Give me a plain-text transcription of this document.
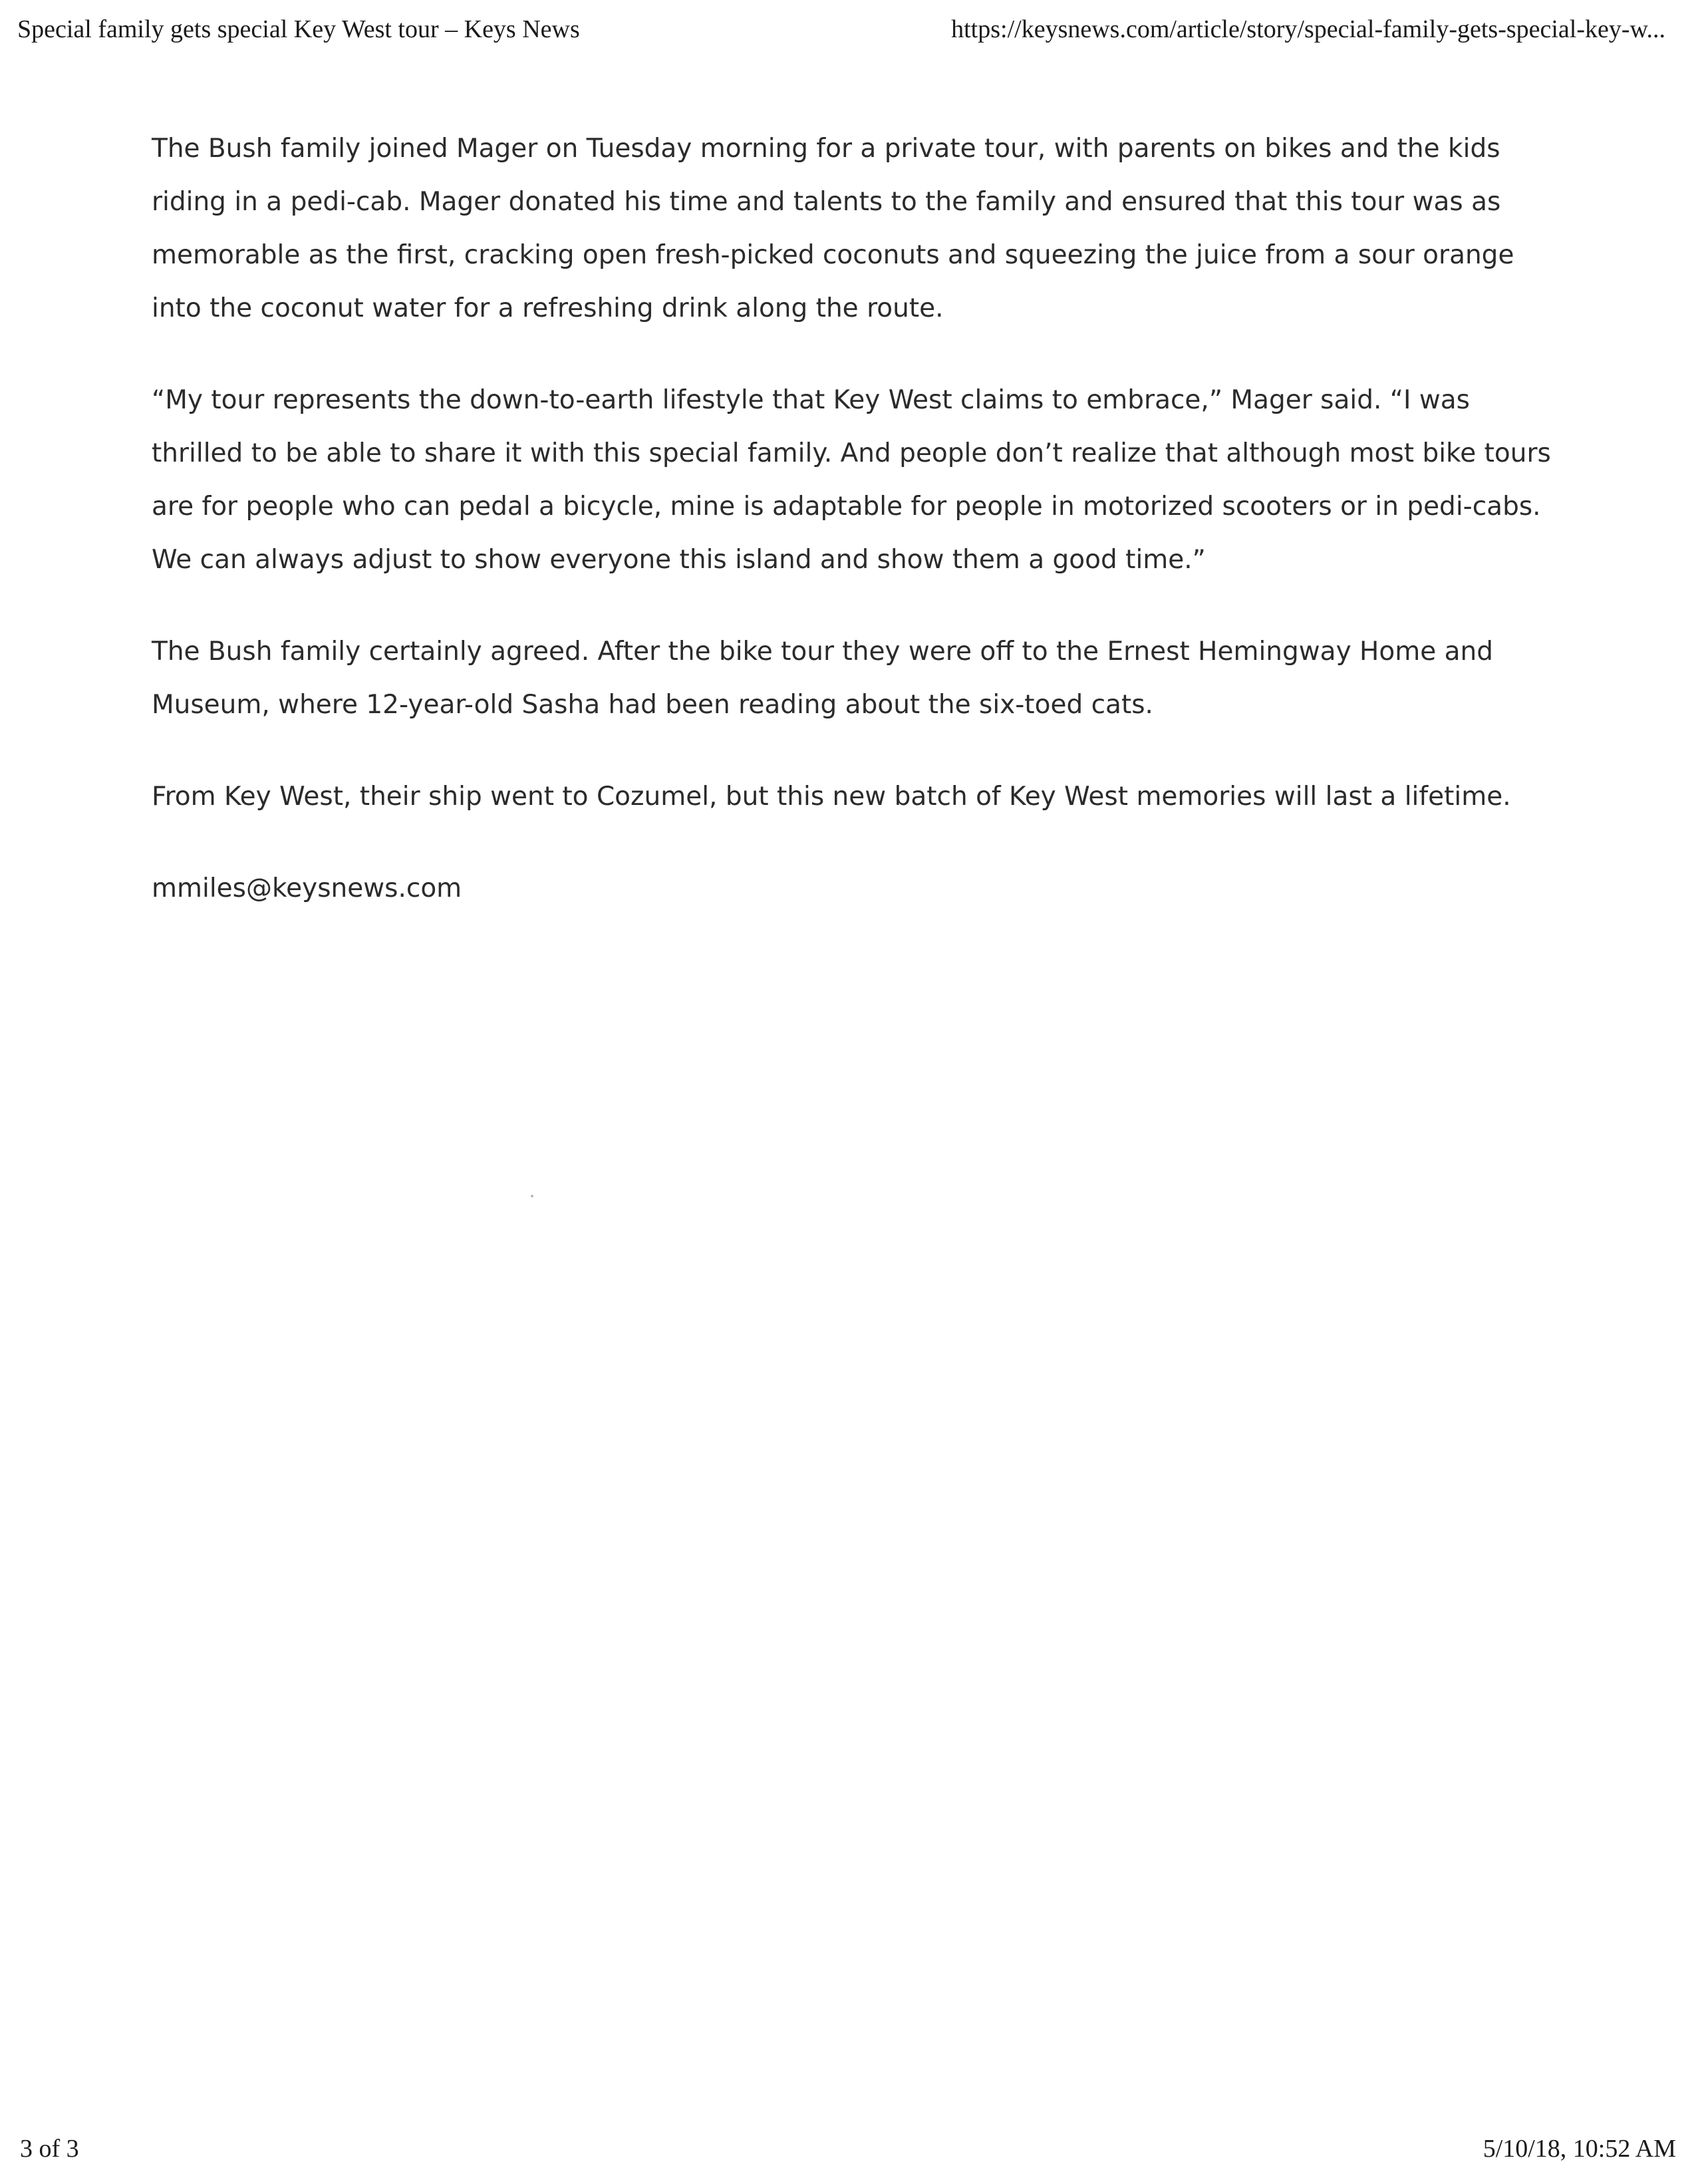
Special family gets special Key West tour – Keys News	https://keysnews.com/article/story/special-family-gets-special-key-w...

The Bush family joined Mager on Tuesday morning for a private tour, with parents on bikes and the kids riding in a pedi-cab. Mager donated his time and talents to the family and ensured that this tour was as memorable as the first, cracking open fresh-picked coconuts and squeezing the juice from a sour orange into the coconut water for a refreshing drink along the route.

“My tour represents the down-to-earth lifestyle that Key West claims to embrace,” Mager said. “I was thrilled to be able to share it with this special family. And people don’t realize that although most bike tours are for people who can pedal a bicycle, mine is adaptable for people in motorized scooters or in pedi-cabs. We can always adjust to show everyone this island and show them a good time.”

The Bush family certainly agreed. After the bike tour they were off to the Ernest Hemingway Home and Museum, where 12-year-old Sasha had been reading about the six-toed cats.

From Key West, their ship went to Cozumel, but this new batch of Key West memories will last a lifetime.

mmiles@keysnews.com

3 of 3	5/10/18, 10:52 AM
